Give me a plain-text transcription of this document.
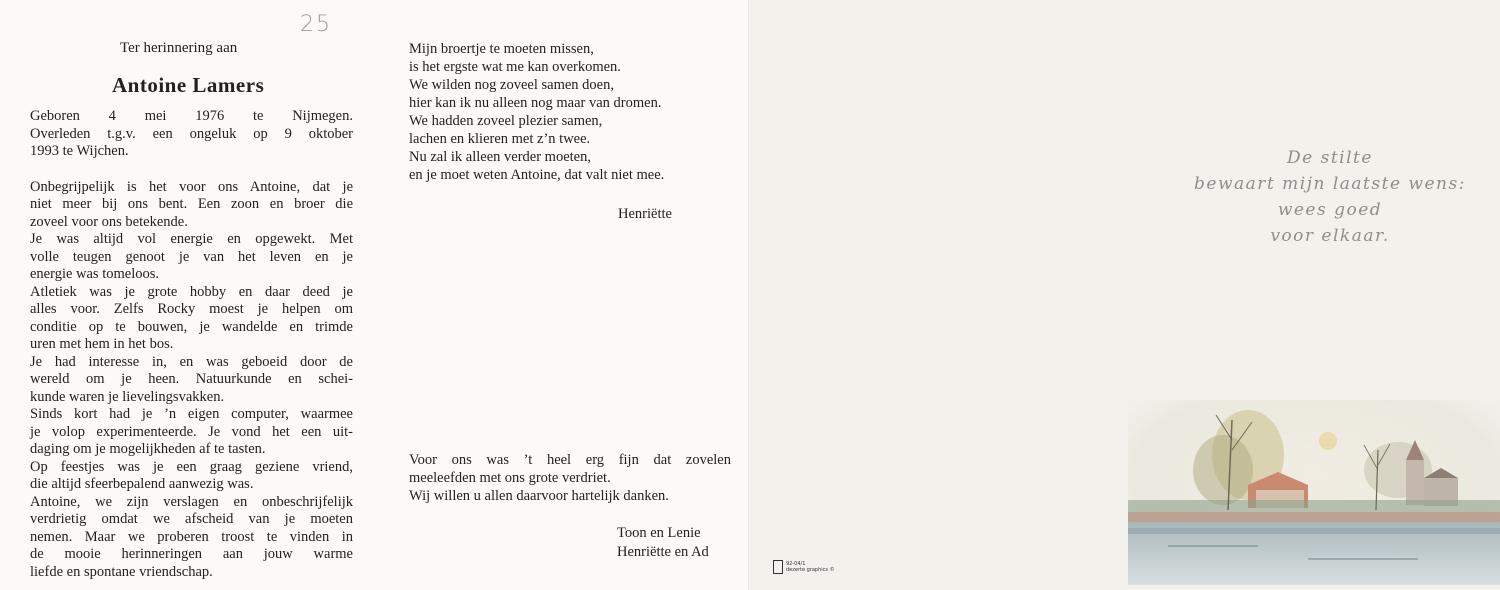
25
Ter herinnering aan
Antoine Lamers
Geboren 4 mei 1976 te Nijmegen.
Overleden t.g.v. een ongeluk op 9 oktober
1993 te Wijchen.
Onbegrijpelijk is het voor ons Antoine, dat je
niet meer bij ons bent. Een zoon en broer die
zoveel voor ons betekende.
Je was altijd vol energie en opgewekt. Met
volle teugen genoot je van het leven en je
energie was tomeloos.
Atletiek was je grote hobby en daar deed je
alles voor. Zelfs Rocky moest je helpen om
conditie op te bouwen, je wandelde en trimde
uren met hem in het bos.
Je had interesse in, en was geboeid door de
wereld om je heen. Natuurkunde en schei-
kunde waren je lievelingsvakken.
Sinds kort had je ’n eigen computer, waarmee
je volop experimenteerde. Je vond het een uit-
daging om je mogelijkheden af te tasten.
Op feestjes was je een graag geziene vriend,
die altijd sfeerbepalend aanwezig was.
Antoine, we zijn verslagen en onbeschrijfelijk
verdrietig omdat we afscheid van je moeten
nemen. Maar we proberen troost te vinden in
de mooie herinneringen aan jouw warme
liefde en spontane vriendschap.
Mijn broertje te moeten missen,
is het ergste wat me kan overkomen.
We wilden nog zoveel samen doen,
hier kan ik nu alleen nog maar van dromen.
We hadden zoveel plezier samen,
lachen en klieren met z’n twee.
Nu zal ik alleen verder moeten,
en je moet weten Antoine, dat valt niet mee.
Henriëtte
Voor ons was ’t heel erg fijn dat zovelen
meeleefden met ons grote verdriet.
Wij willen u allen daarvoor hartelijk danken.
Toon en Lenie
Henriëtte en Ad
De stilte
bewaart mijn laatste wens:
wees goed
voor elkaar.
92-04/1
dezerte graphics ©
